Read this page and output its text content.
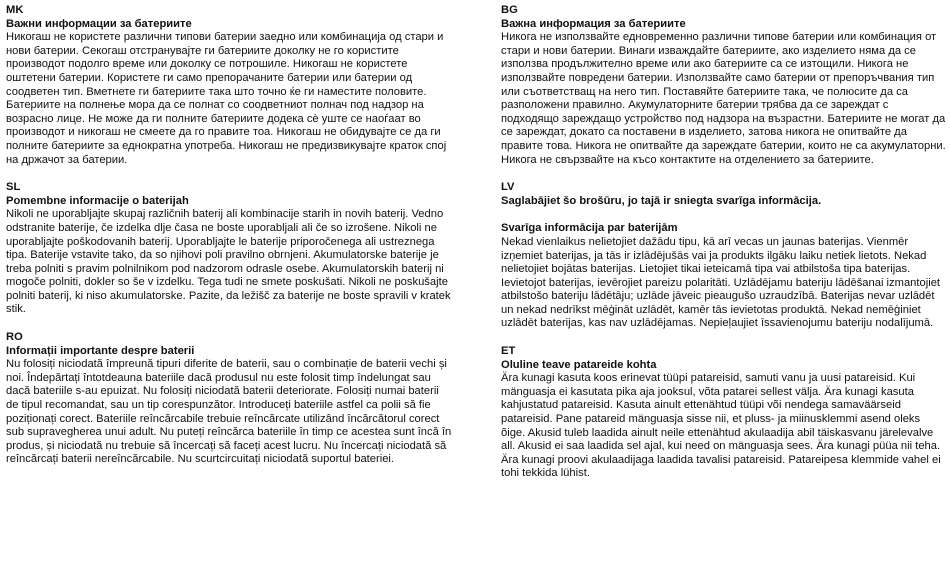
MK
Важни информации за батериите
Никогаш не користете различни типови батерии заедно или комбинација од стари и нови батерии. Секогаш отстранувајте ги батериите доколку не го користите производот подолго време или доколку се потрошиле. Никогаш не користете оштетени батерии. Користете ги само препорачаните батерии или батерии од соодветен тип. Вметнете ги батериите така што точно ќе ги наместите половите. Батериите на полнење мора да се полнат со соодветниот полнач под надзор на возрасно лице. Не може да ги полните батериите додека сè уште се наоѓаат во производот и никогаш не смеете да го правите тоа. Никогаш не обидувајте се да ги полните батериите за еднократна употреба. Никогаш не предизвикувајте краток спој на држачот за батерии.
SL
Pomembne informacije o baterijah
Nikoli ne uporabljajte skupaj različnih baterij ali kombinacije starih in novih baterij. Vedno odstranite baterije, če izdelka dlje časa ne boste uporabljali ali če so izrošene. Nikoli ne uporabljajte poškodovanih baterij. Uporabljajte le baterije priporočenega ali ustreznega tipa. Baterije vstavite tako, da so njihovi poli pravilno obrnjeni. Akumulatorske baterije je treba polniti s pravim polnilnikom pod nadzorom odrasle osebe. Akumulatorskih baterij ni mogoče polniti, dokler so še v izdelku. Tega tudi ne smete poskušati. Nikoli ne poskušajte polniti baterij, ki niso akumulatorske. Pazite, da ležišč za baterije ne boste spravili v kratek stik.
RO
Informații importante despre baterii
Nu folosiți niciodată împreună tipuri diferite de baterii, sau o combinație de baterii vechi și noi. Îndepărtați întotdeauna bateriile dacă produsul nu este folosit timp îndelungat sau dacă bateriile s-au epuizat. Nu folosiți niciodată baterii deteriorate. Folosiți numai baterii de tipul recomandat, sau un tip corespunzător. Introduceți bateriile astfel ca polii să fie poziționați corect. Bateriile reîncărcabile trebuie reîncărcate utilizând încărcătorul corect sub supravegherea unui adult. Nu puteți reîncărca bateriile în timp ce acestea sunt încă în produs, și niciodată nu trebuie să încercați să faceți acest lucru. Nu încercați niciodată să reîncărcați baterii nereîncărcabile. Nu scurtcircuitați niciodată suportul bateriei.
BG
Важна информация за батериите
Никога не използвайте едновременно различни типове батерии или комбинация от стари и нови батерии. Винаги изваждайте батериите, ако изделието няма да се използва продължително време или ако батериите са се изтощили. Никога не използвайте повредени батерии. Използвайте само батерии от препоръчвания тип или съответстващ на него тип. Поставяйте батериите така, че полюсите да са разположени правилно. Акумулаторните батерии трябва да се зареждат с подходящо зареждащо устройство под надзора на възрастни. Батериите не могат да се зареждат, докато са поставени в изделието, затова никога не опитвайте да правите това. Никога не опитвайте да зареждате батерии, които не са акумулаторни. Никога не свързвайте на късо контактите на отделението за батериите.
LV
Saglabājiet šo brošūru, jo tajā ir sniegta svarīga informācija.
Svarīga informācija par baterijām
Nekad vienlaikus nelietojiet dažādu tipu, kā arī vecas un jaunas baterijas. Vienmēr izņemiet baterijas, ja tās ir izlādējušās vai ja produkts ilgāku laiku netiek lietots. Nekad nelietojiet bojātas baterijas. Lietojiet tikai ieteicamā tipa vai atbilstoša tipa baterijas. Ievietojot baterijas, ievērojiet pareizu polaritāti. Uzlādējamu bateriju lādēšanai izmantojiet atbilstošo bateriju lādētāju; uzlāde jāveic pieaugušo uzraudzībā. Baterijas nevar uzlādēt un nekad nedrīkst mēģināt uzlādēt, kamēr tās ievietotas produktā. Nekad nemēģiniet uzlādēt baterijas, kas nav uzlādējamas. Nepieļaujiet īssavienojumu bateriju nodalījumā.
ET
Oluline teave patareide kohta
Ära kunagi kasuta koos erinevat tüüpi patareisid, samuti vanu ja uusi patareisid. Kui mänguasja ei kasutata pika aja jooksul, võta patarei sellest välja. Ära kunagi kasuta kahjustatud patareisid. Kasuta ainult ettenähtud tüüpi või nendega samaväärseid patareisid. Pane patareid mänguasja sisse nii, et pluss- ja miinusklemmi asend oleks õige. Akusid tuleb laadida ainult neile ettenähtud akulaadija abil täiskasvanu järelevalve all. Akusid ei saa laadida sel ajal, kui need on mänguasja sees. Ära kunagi püüa nii teha. Ära kunagi proovi akulaadijaga laadida tavalisi patareisid. Patareipesa klemmide vahel ei tohi tekkida lühist.
